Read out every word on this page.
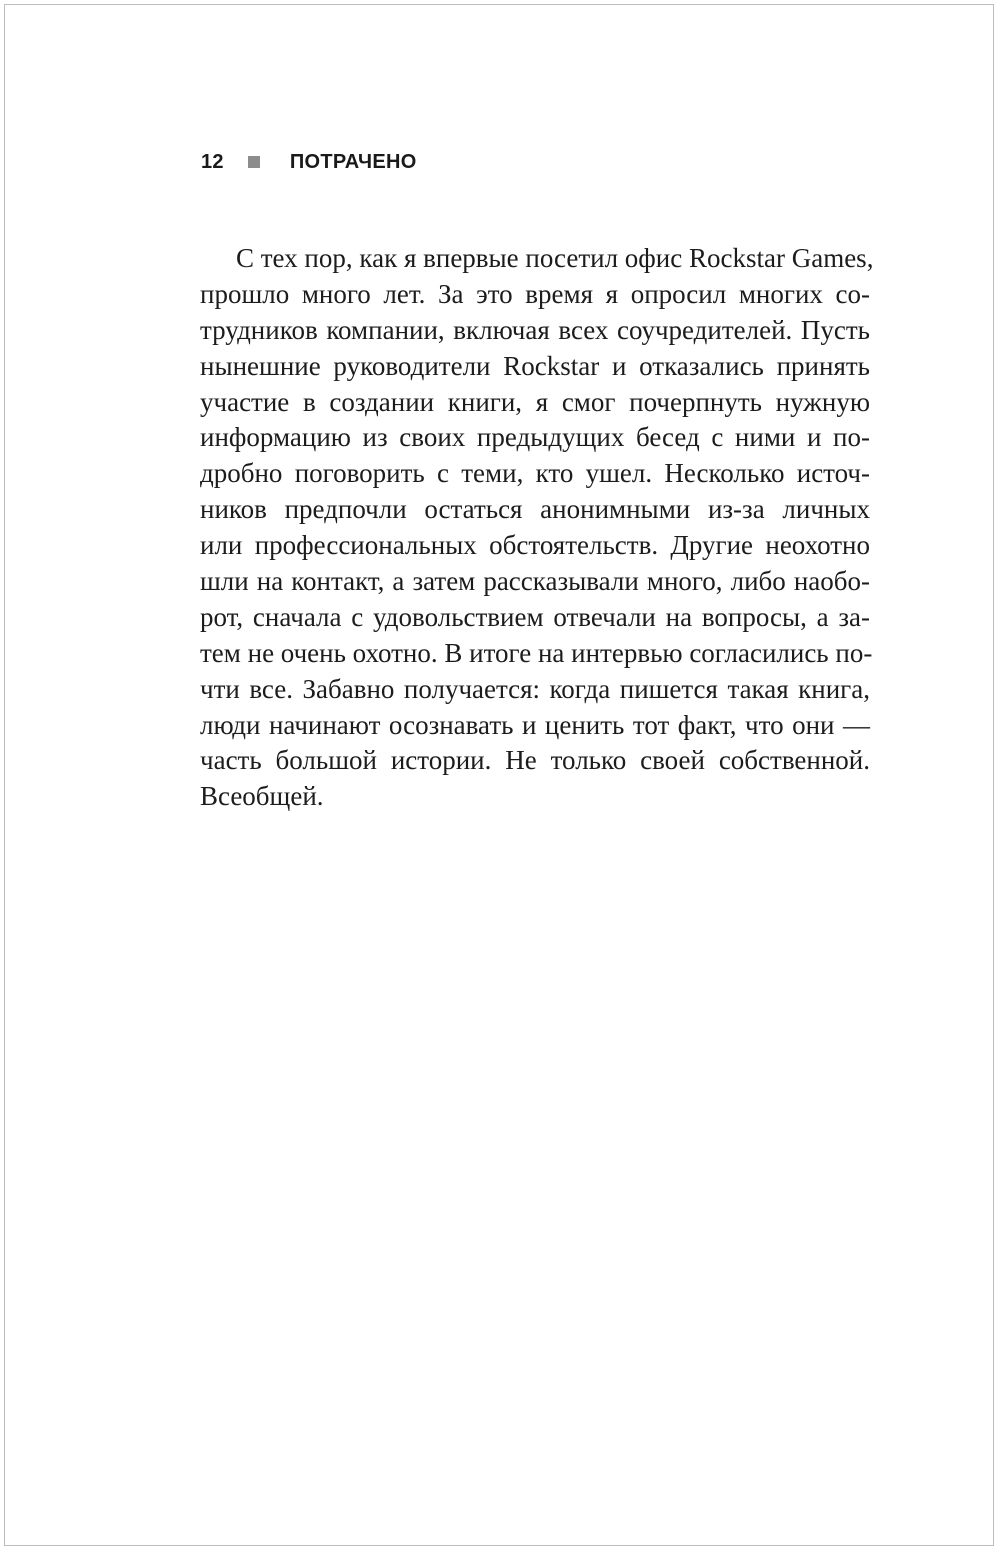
12	ПОТРАЧЕНО
С тех пор, как я впервые посетил офис Rockstar Games,
прошло много лет. За это время я опросил многих со-
трудников компании, включая всех соучредителей. Пусть
нынешние руководители Rockstar и отказались принять
участие в создании книги, я смог почерпнуть нужную
информацию из своих предыдущих бесед с ними и по-
дробно поговорить с теми, кто ушел. Несколько источ-
ников предпочли остаться анонимными из-за личных
или профессиональных обстоятельств. Другие неохотно
шли на контакт, а затем рассказывали много, либо наобо-
рот, сначала с удовольствием отвечали на вопросы, а за-
тем не очень охотно. В итоге на интервью согласились по-
чти все. Забавно получается: когда пишется такая книга,
люди начинают осознавать и ценить тот факт, что они —
часть большой истории. Не только своей собственной.
Всеобщей.
